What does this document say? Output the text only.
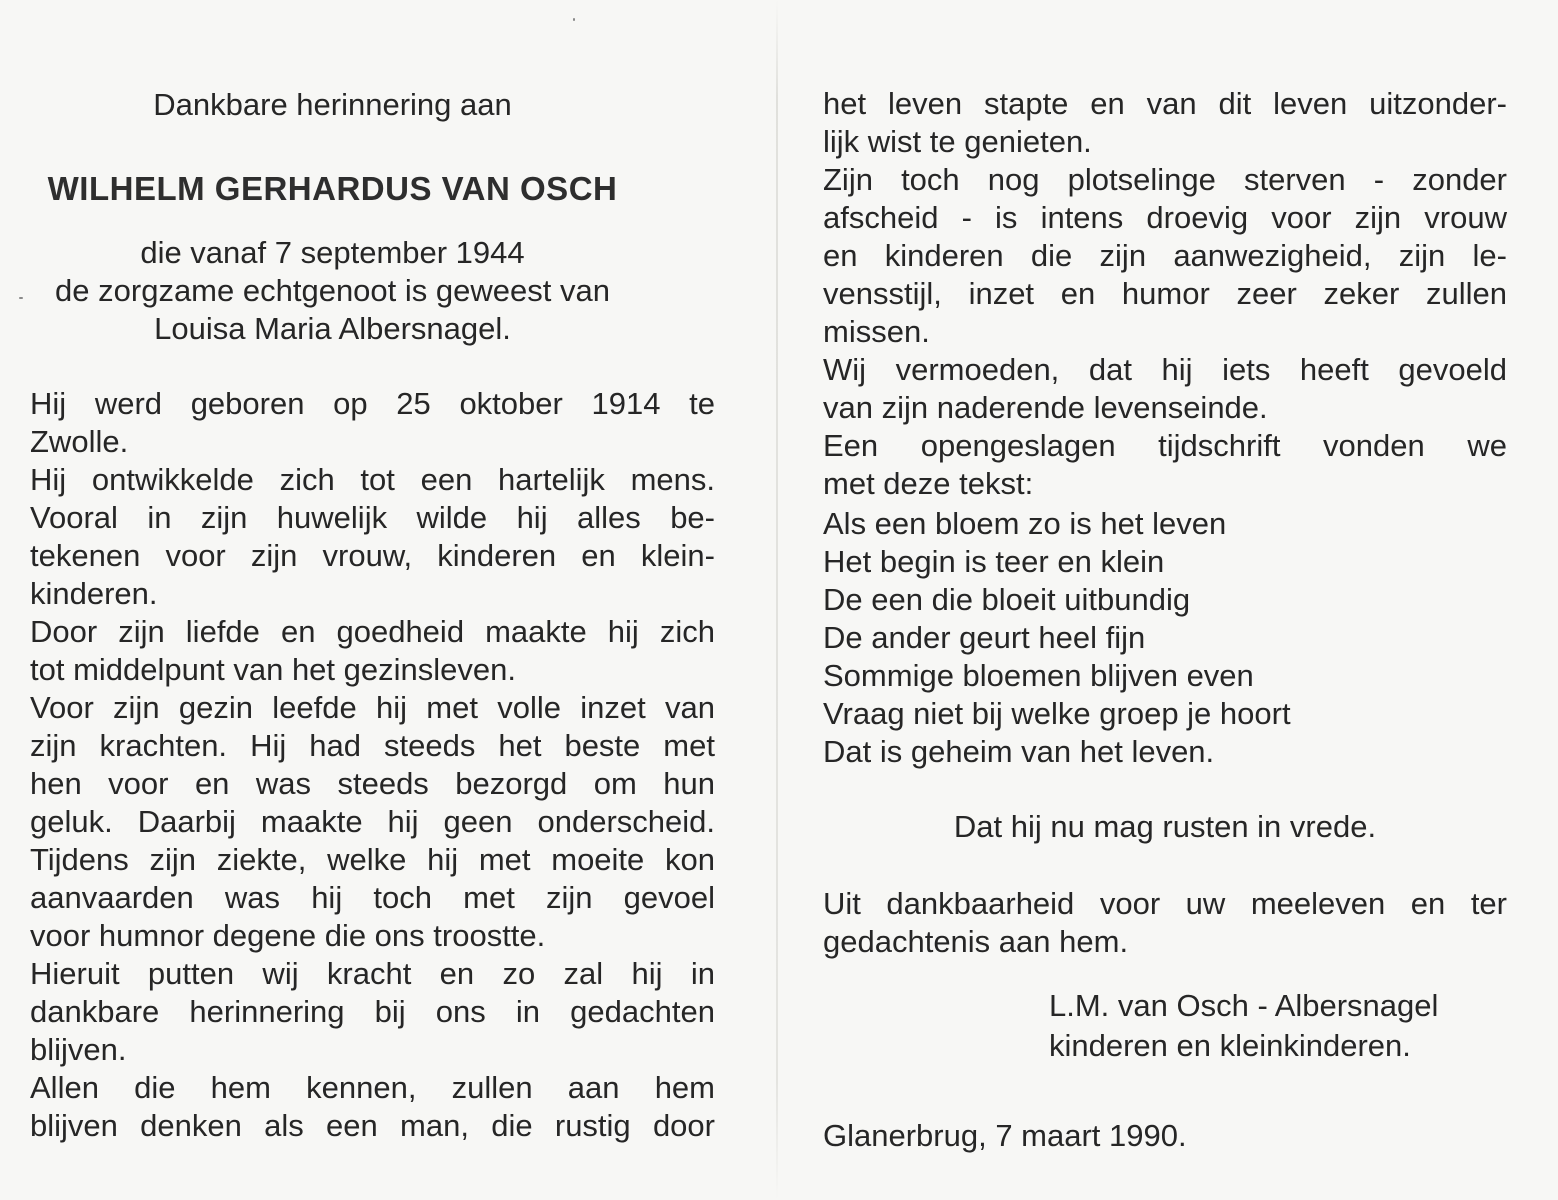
Dankbare herinnering aan
WILHELM GERHARDUS VAN OSCH
die vanaf 7 september 1944
de zorgzame echtgenoot is geweest van
Louisa Maria Albersnagel.
Hij werd geboren op 25 oktober 1914 te
Zwolle.
Hij ontwikkelde zich tot een hartelijk mens.
Vooral in zijn huwelijk wilde hij alles be-
tekenen voor zijn vrouw, kinderen en klein-
kinderen.
Door zijn liefde en goedheid maakte hij zich
tot middelpunt van het gezinsleven.
Voor zijn gezin leefde hij met volle inzet van
zijn krachten. Hij had steeds het beste met
hen voor en was steeds bezorgd om hun
geluk. Daarbij maakte hij geen onderscheid.
Tijdens zijn ziekte, welke hij met moeite kon
aanvaarden was hij toch met zijn gevoel
voor humnor degene die ons troostte.
Hieruit putten wij kracht en zo zal hij in
dankbare herinnering bij ons in gedachten
blijven.
Allen die hem kennen, zullen aan hem
blijven denken als een man, die rustig door
het leven stapte en van dit leven uitzonder-
lijk wist te genieten.
Zijn toch nog plotselinge sterven - zonder
afscheid - is intens droevig voor zijn vrouw
en kinderen die zijn aanwezigheid, zijn le-
vensstijl, inzet en humor zeer zeker zullen
missen.
Wij vermoeden, dat hij iets heeft gevoeld
van zijn naderende levenseinde.
Een opengeslagen tijdschrift vonden we
met deze tekst:
Als een bloem zo is het leven
Het begin is teer en klein
De een die bloeit uitbundig
De ander geurt heel fijn
Sommige bloemen blijven even
Vraag niet bij welke groep je hoort
Dat is geheim van het leven.
Dat hij nu mag rusten in vrede.
Uit dankbaarheid voor uw meeleven en ter
gedachtenis aan hem.
L.M. van Osch - Albersnagel
kinderen en kleinkinderen.
Glanerbrug, 7 maart 1990.
